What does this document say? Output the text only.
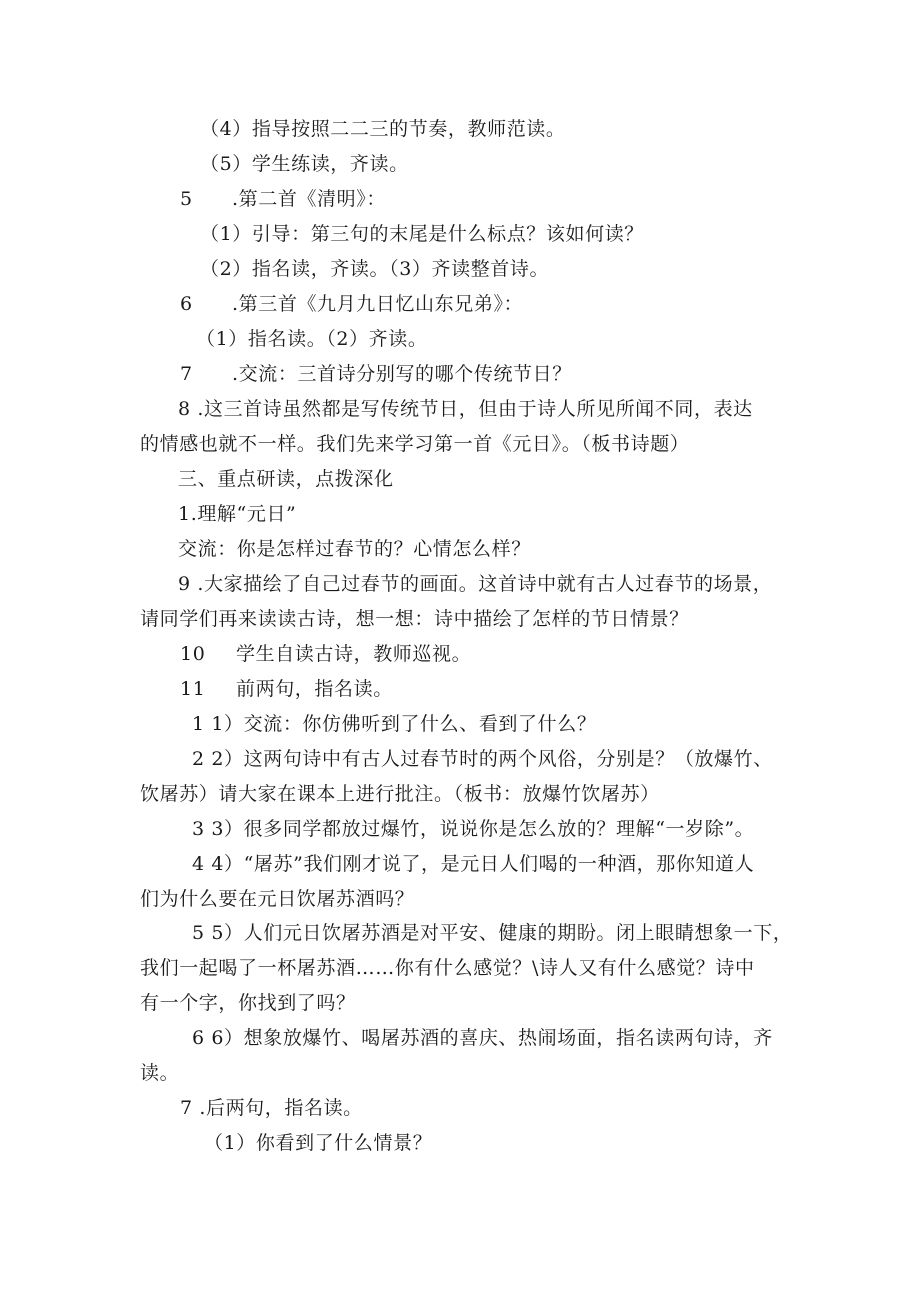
（4）指导按照二二三的节奏，教师范读。
（5）学生练读，齐读。
5 .第二首《清明》：
（1）引导：第三句的末尾是什么标点？该如何读？
（2）指名读，齐读。（3）齐读整首诗。
6 .第三首《九月九日忆山东兄弟》：
（1）指名读。（2）齐读。
7 .交流：三首诗分别写的哪个传统节日？
8 .这三首诗虽然都是写传统节日，但由于诗人所见所闻不同，表达
的情感也就不一样。我们先来学习第一首《元日》。（板书诗题）
三、重点研读，点拨深化
1.理解“元日”
交流：你是怎样过春节的？心情怎么样？
9 .大家描绘了自己过春节的画面。这首诗中就有古人过春节的场景，
请同学们再来读读古诗，想一想：诗中描绘了怎样的节日情景？
10 学生自读古诗，教师巡视。
11 前两句，指名读。
1 1）交流：你仿佛听到了什么、看到了什么？
2 2）这两句诗中有古人过春节时的两个风俗，分别是？（放爆竹、
饮屠苏）请大家在课本上进行批注。（板书：放爆竹饮屠苏）
3 3）很多同学都放过爆竹，说说你是怎么放的？理解“一岁除”。
4 4）“屠苏”我们刚才说了，是元日人们喝的一种酒，那你知道人
们为什么要在元日饮屠苏酒吗？
5 5）人们元日饮屠苏酒是对平安、健康的期盼。闭上眼睛想象一下，
我们一起喝了一杯屠苏酒……你有什么感觉？\诗人又有什么感觉？诗中
有一个字，你找到了吗？
6 6）想象放爆竹、喝屠苏酒的喜庆、热闹场面，指名读两句诗，齐
读。
7 .后两句，指名读。
（1）你看到了什么情景？
